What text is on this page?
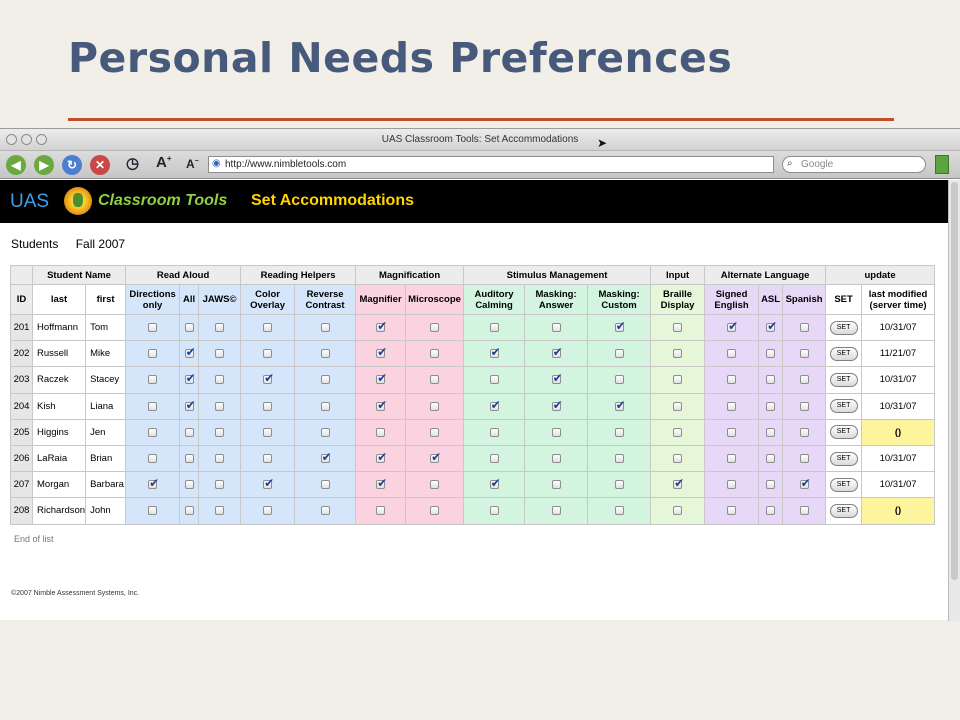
Personal Needs Preferences
UAS Classroom Tools: Set Accommodations	➤
◀	▶	↻	✕	◷ A+ A− ◉ http://www.nimbletools.com	⌕ Google
UAS	Classroom Tools Set Accommodations
Students Fall 2007
	Student Name		Read Aloud			Reading Helpers		Magnification		Stimulus Management			Input	Alternate Language			update	
ID	last	first	Directions only	All	JAWS©	Color Overlay	Reverse Contrast	Magnifier	Microscope	Auditory Calming	Masking: Answer	Masking: Custom	Braille Display	Signed English	ASL	Spanish	SET	last modified (server time)
201	Hoffmann	Tom						✔				✔		✔	✔		SET	10/31/07
202	Russell	Mike		✔				✔		✔	✔						SET	11/21/07
203	Raczek	Stacey		✔		✔		✔			✔						SET	10/31/07
204	Kish	Liana		✔				✔		✔	✔	✔					SET	10/31/07
205	Higgins	Jen															SET	()
206	LaRaia	Brian					✔	✔	✔								SET	10/31/07
207	Morgan	Barbara	✔			✔		✔		✔			✔			✔	SET	10/31/07
208	Richardson	John															SET	()
End of list
©2007 Nimble Assessment Systems, Inc.
